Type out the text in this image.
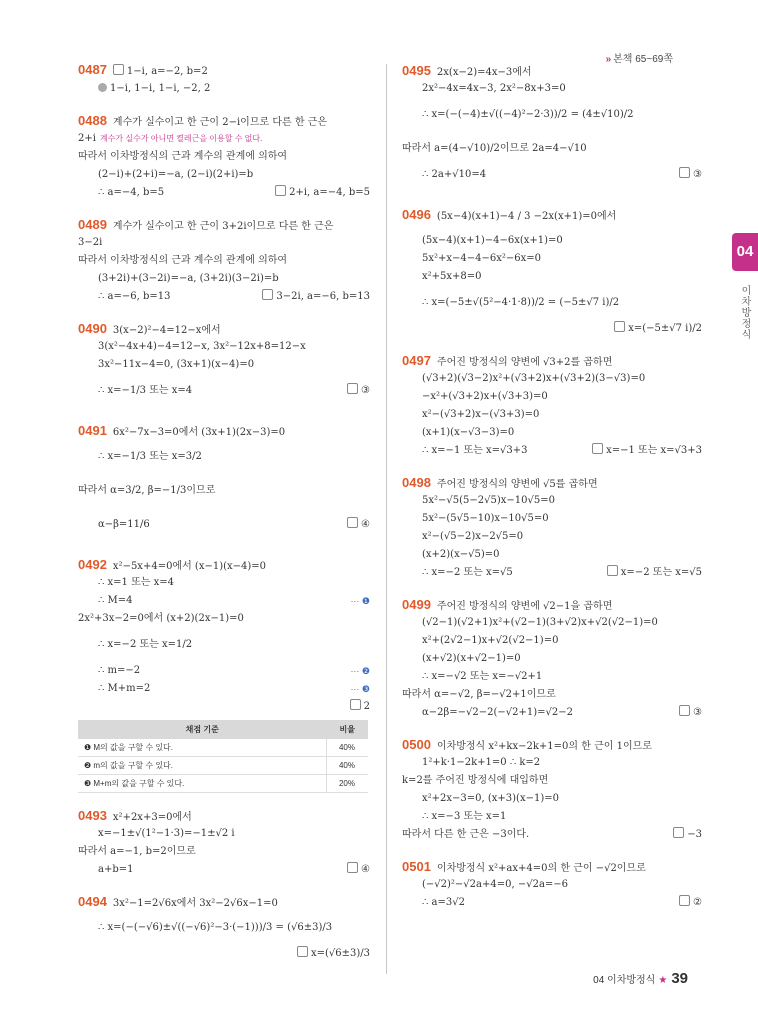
» 본책 65~69쪽
0487 1−i, a=−2, b=2
1−i, 1−i, 1−i, −2, 2
0488 계수가 실수이고 한 근이 2−i이므로 다른 한 근은
2+i 계수가 실수가 아니면 켤레근을 이용할 수 없다.
따라서 이차방정식의 근과 계수의 관계에 의하여
(2−i)+(2+i)=−a, (2−i)(2+i)=b
∴ a=−4, b=5	2+i, a=−4, b=5
0489 계수가 실수이고 한 근이 3+2i이므로 다른 한 근은
3−2i
따라서 이차방정식의 근과 계수의 관계에 의하여
(3+2i)+(3−2i)=−a, (3+2i)(3−2i)=b
∴ a=−6, b=13	3−2i, a=−6, b=13
0490 3(x−2)²−4=12−x에서
3(x²−4x+4)−4=12−x, 3x²−12x+8=12−x
3x²−11x−4=0, (3x+1)(x−4)=0
∴ x=−1/3 또는 x=4	③
0491 6x²−7x−3=0에서 (3x+1)(2x−3)=0
∴ x=−1/3 또는 x=3/2
따라서 α=3/2, β=−1/3이므로
α−β=11/6	④
0492 x²−5x+4=0에서 (x−1)(x−4)=0
∴ x=1 또는 x=4
∴ M=4	··· ❶
2x²+3x−2=0에서 (x+2)(2x−1)=0
∴ x=−2 또는 x=1/2
∴ m=−2	··· ❷
∴ M+m=2	··· ❸
2
채점 기준	비율
❶ M의 값을 구할 수 있다.	40%
❷ m의 값을 구할 수 있다.	40%
❸ M+m의 값을 구할 수 있다.	20%
0493 x²+2x+3=0에서
x=−1±√(1²−1·3)=−1±√2 i
따라서 a=−1, b=2이므로
a+b=1	④
0494 3x²−1=2√6x에서 3x²−2√6x−1=0
∴ x=(−(−√6)±√((−√6)²−3·(−1)))/3 = (√6±3)/3
x=(√6±3)/3
0495 2x(x−2)=4x−3에서
2x²−4x=4x−3, 2x²−8x+3=0
∴ x=(−(−4)±√((−4)²−2·3))/2 = (4±√10)/2
따라서 a=(4−√10)/2이므로 2a=4−√10
∴ 2a+√10=4	③
0496 (5x−4)(x+1)−4 / 3 −2x(x+1)=0에서
(5x−4)(x+1)−4−6x(x+1)=0
5x²+x−4−4−6x²−6x=0
x²+5x+8=0
∴ x=(−5±√(5²−4·1·8))/2 = (−5±√7 i)/2
x=(−5±√7 i)/2
0497 주어진 방정식의 양변에 √3+2를 곱하면
(√3+2)(√3−2)x²+(√3+2)x+(√3+2)(3−√3)=0
−x²+(√3+2)x+(√3+3)=0
x²−(√3+2)x−(√3+3)=0
(x+1)(x−√3−3)=0
∴ x=−1 또는 x=√3+3	x=−1 또는 x=√3+3
0498 주어진 방정식의 양변에 √5를 곱하면
5x²−√5(5−2√5)x−10√5=0
5x²−(5√5−10)x−10√5=0
x²−(√5−2)x−2√5=0
(x+2)(x−√5)=0
∴ x=−2 또는 x=√5	x=−2 또는 x=√5
0499 주어진 방정식의 양변에 √2−1을 곱하면
(√2−1)(√2+1)x²+(√2−1)(3+√2)x+√2(√2−1)=0
x²+(2√2−1)x+√2(√2−1)=0
(x+√2)(x+√2−1)=0
∴ x=−√2 또는 x=−√2+1
따라서 α=−√2, β=−√2+1이므로
α−2β=−√2−2(−√2+1)=√2−2	③
0500 이차방정식 x²+kx−2k+1=0의 한 근이 1이므로
1²+k·1−2k+1=0 ∴ k=2
k=2를 주어진 방정식에 대입하면
x²+2x−3=0, (x+3)(x−1)=0
∴ x=−3 또는 x=1
따라서 다른 한 근은 −3이다.	−3
0501 이차방정식 x²+ax+4=0의 한 근이 −√2이므로
(−√2)²−√2a+4=0, −√2a=−6
∴ a=3√2	②
04
이차방정식
04 이차방정식 ★ 39
